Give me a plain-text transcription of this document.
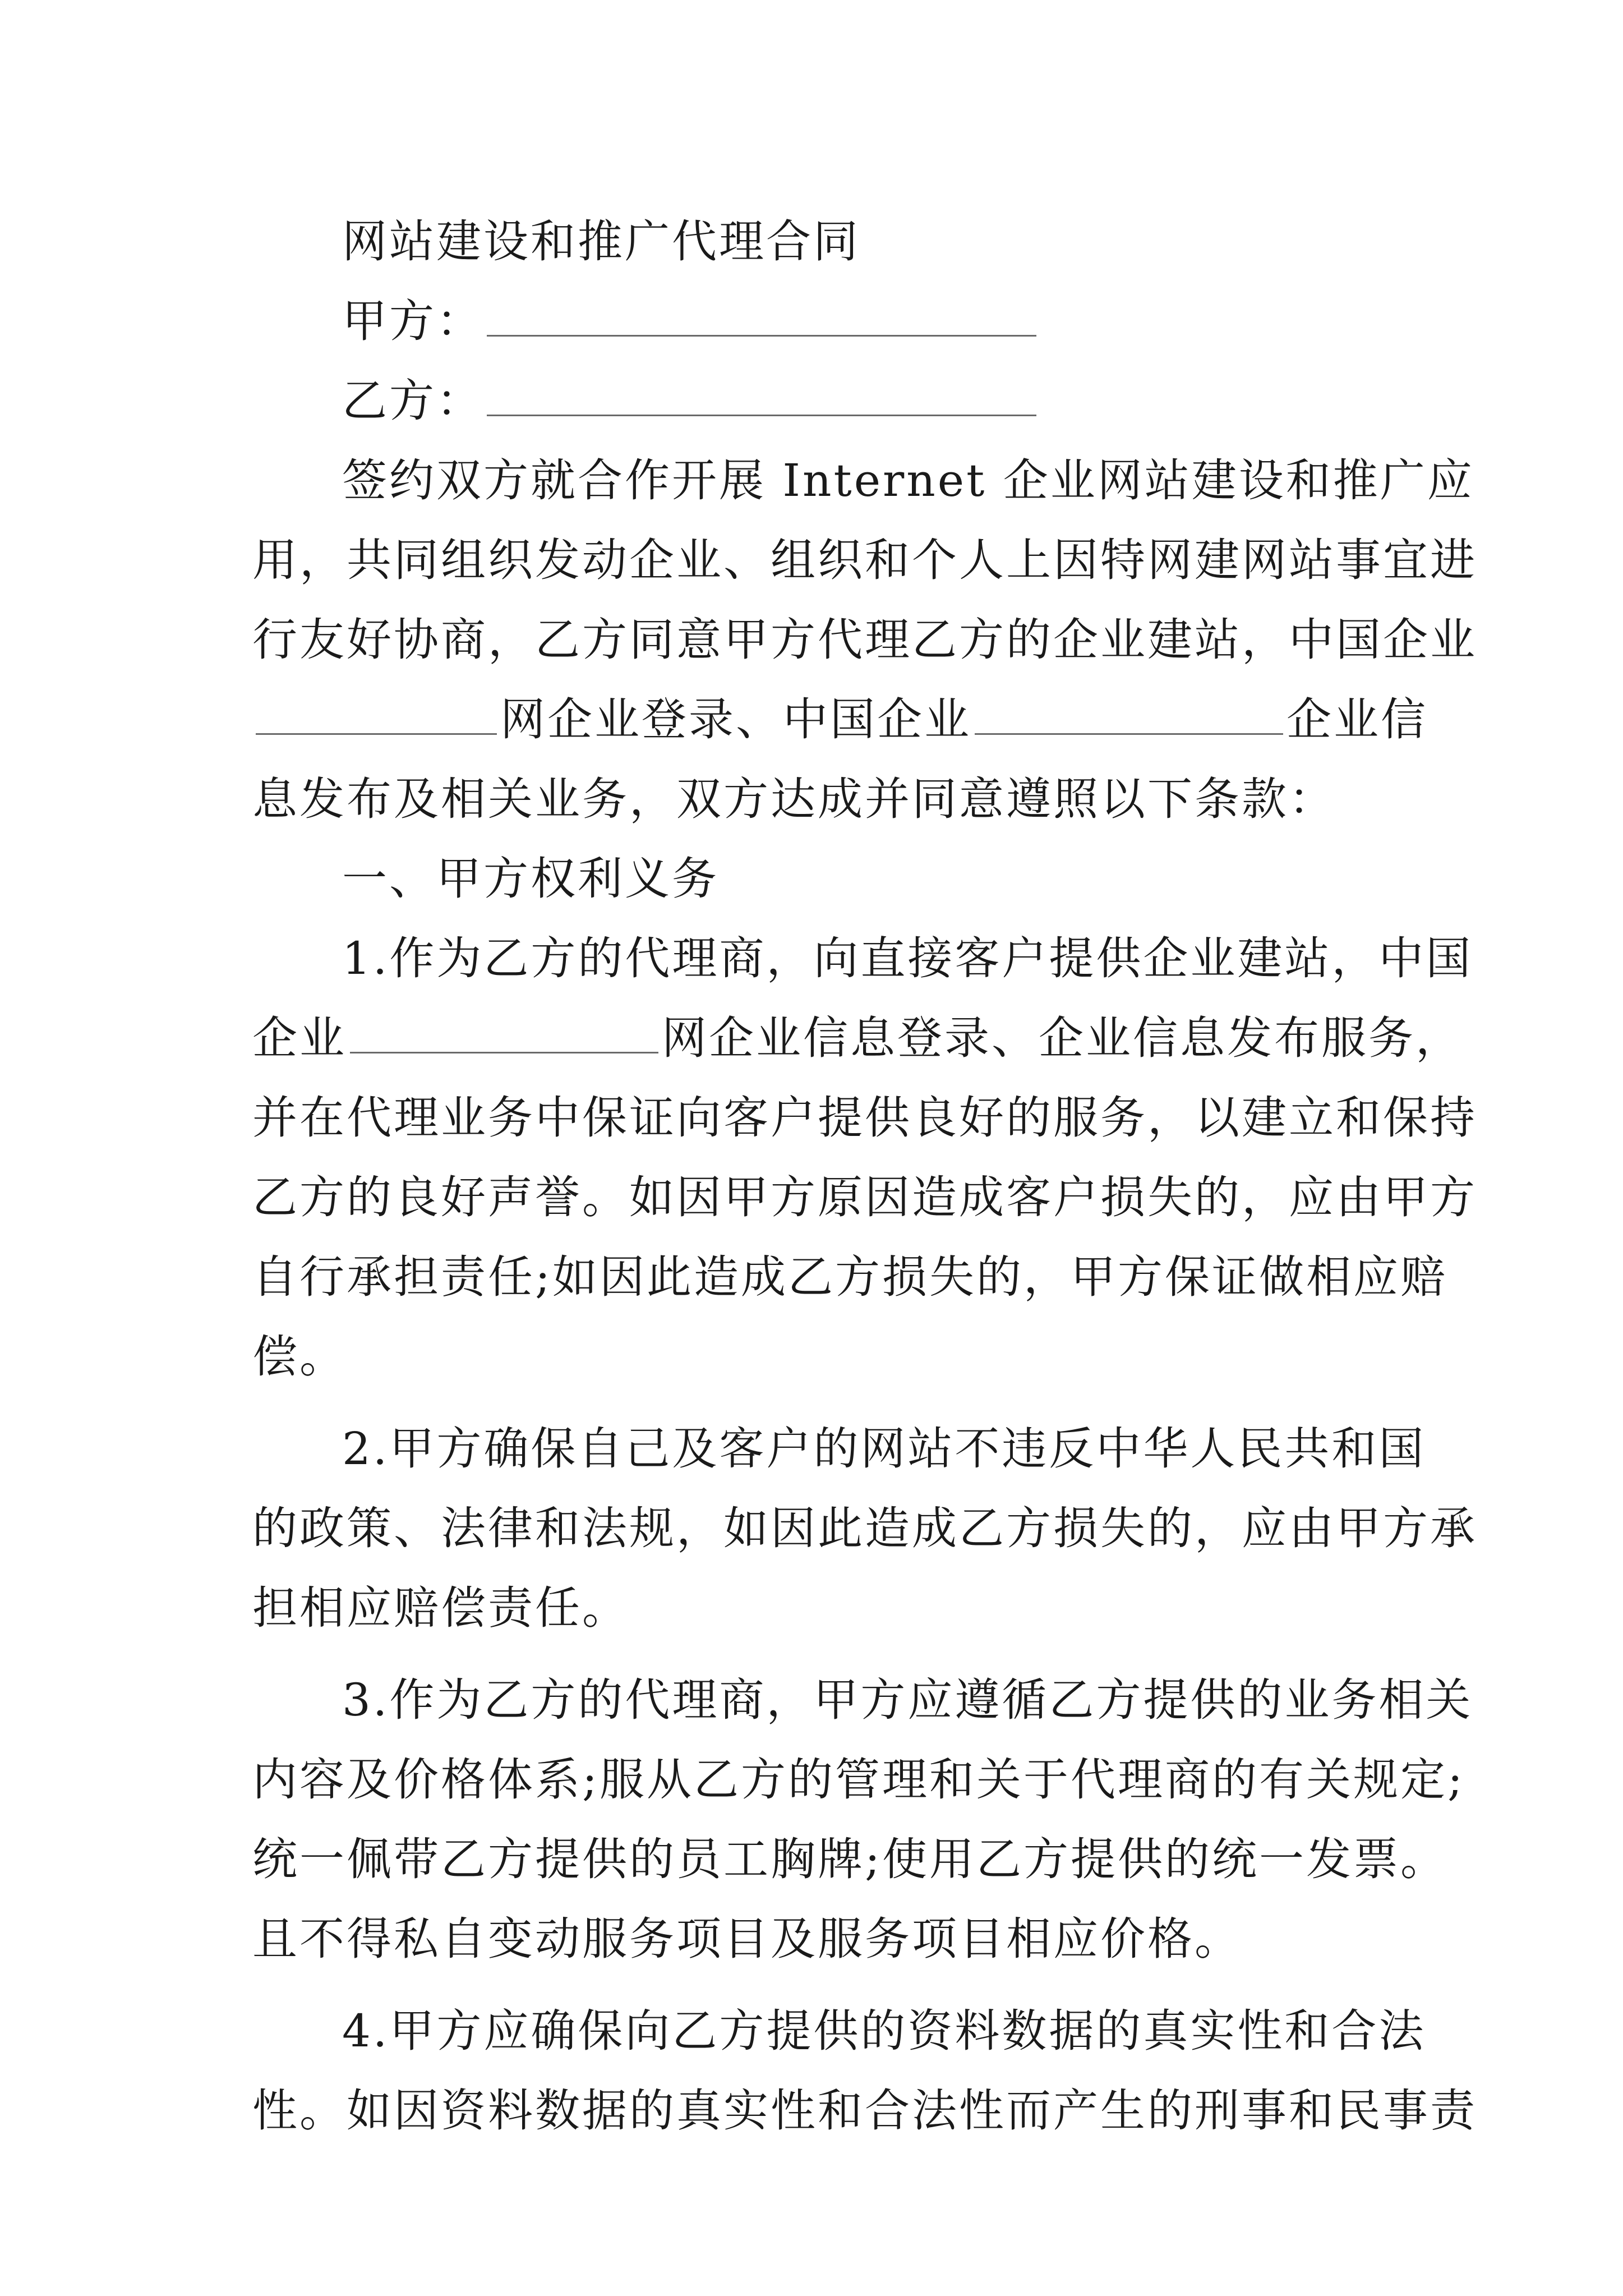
网站建设和推广代理合同
甲方：
乙方：
签约双方就合作开展 Internet 企业网站建设和推广应
用，共同组织发动企业、组织和个人上因特网建网站事宜进
行友好协商，乙方同意甲方代理乙方的企业建站，中国企业
网企业登录、中国企业	企业信
息发布及相关业务，双方达成并同意遵照以下条款：
一、甲方权利义务
1.作为乙方的代理商，向直接客户提供企业建站，中国
企业	网企业信息登录、企业信息发布服务，
并在代理业务中保证向客户提供良好的服务，以建立和保持
乙方的良好声誉。如因甲方原因造成客户损失的，应由甲方
自行承担责任;如因此造成乙方损失的，甲方保证做相应赔
偿。
2.甲方确保自己及客户的网站不违反中华人民共和国
的政策、法律和法规，如因此造成乙方损失的，应由甲方承
担相应赔偿责任。
3.作为乙方的代理商，甲方应遵循乙方提供的业务相关
内容及价格体系;服从乙方的管理和关于代理商的有关规定;
统一佩带乙方提供的员工胸牌;使用乙方提供的统一发票。
且不得私自变动服务项目及服务项目相应价格。
4.甲方应确保向乙方提供的资料数据的真实性和合法
性。如因资料数据的真实性和合法性而产生的刑事和民事责
